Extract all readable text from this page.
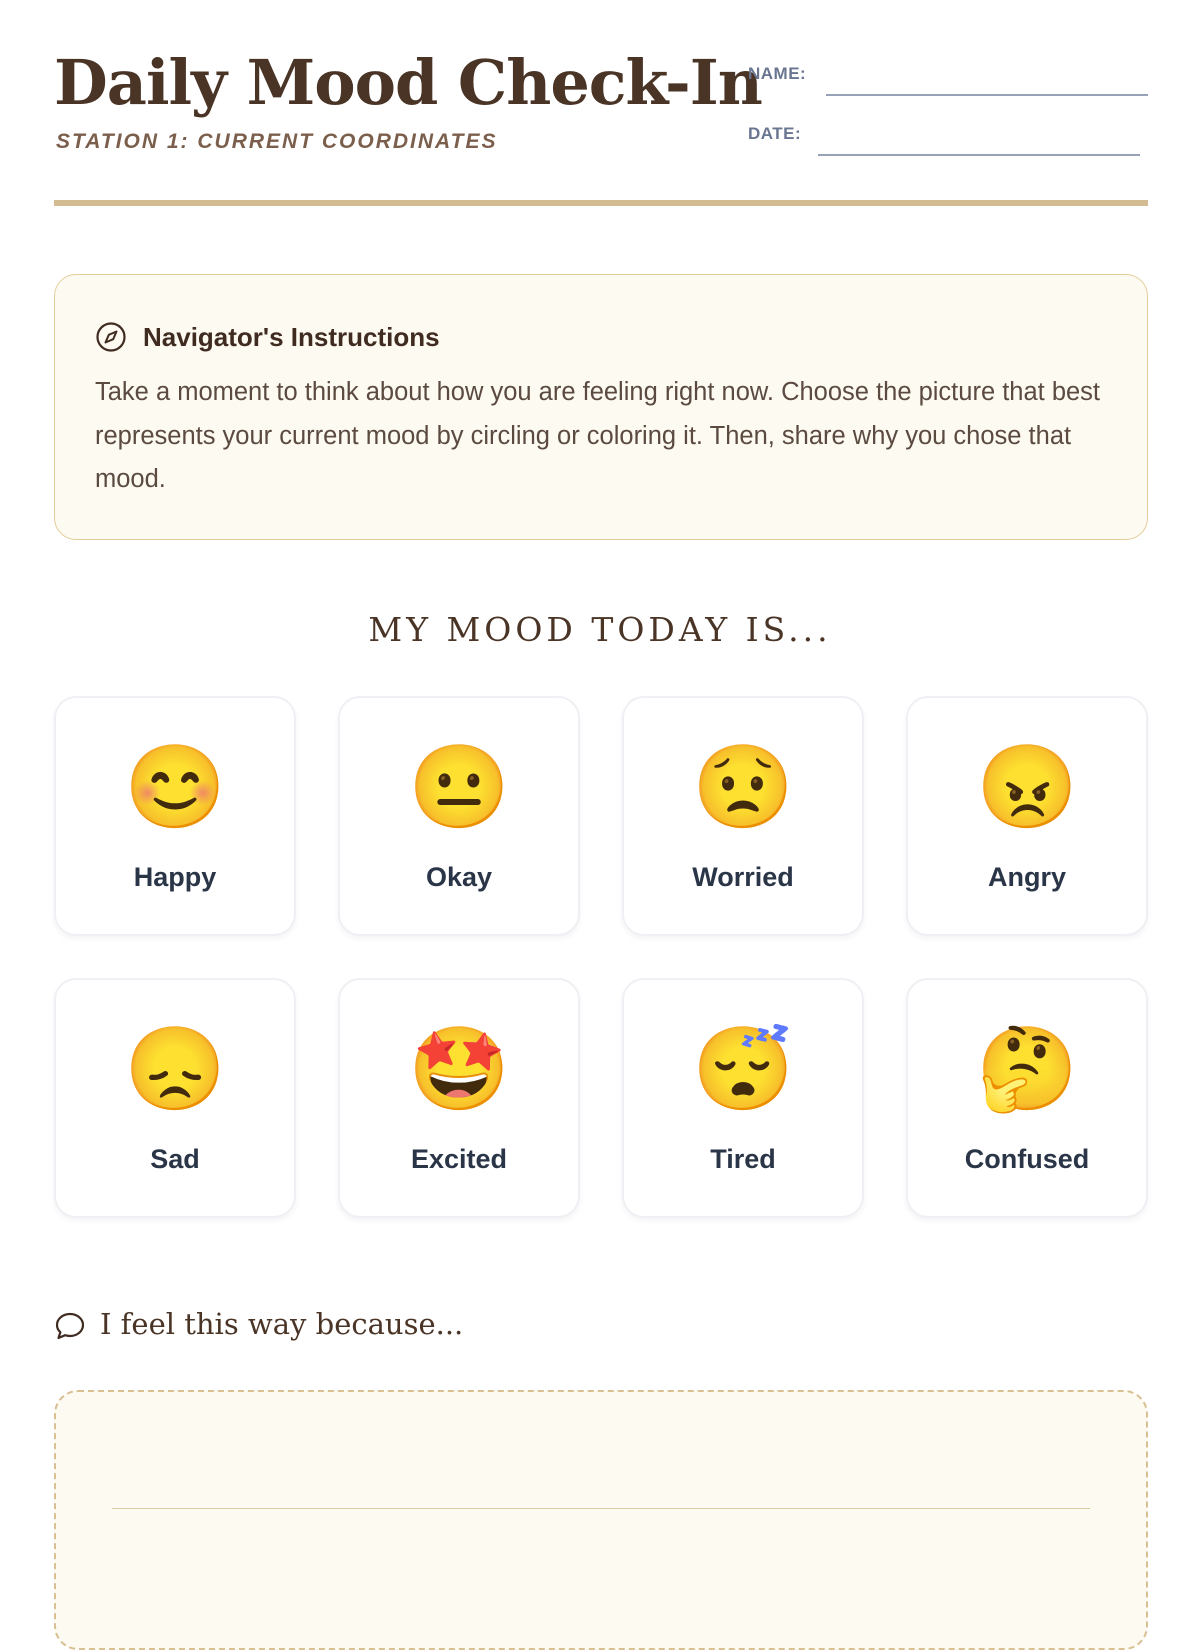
Daily Mood Check-In
STATION 1: CURRENT COORDINATES
NAME:
DATE:
Navigator's Instructions

Take a moment to think about how you are feeling right now. Choose the picture that best represents your current mood by circling or coloring it. Then, share why you chose that mood.

MY MOOD TODAY IS...
😊
Happy
😐
Okay
😟
Worried
😠
Angry
😞
Sad
🤩
Excited
😴
Tired
🤔
Confused
I feel this way because...
